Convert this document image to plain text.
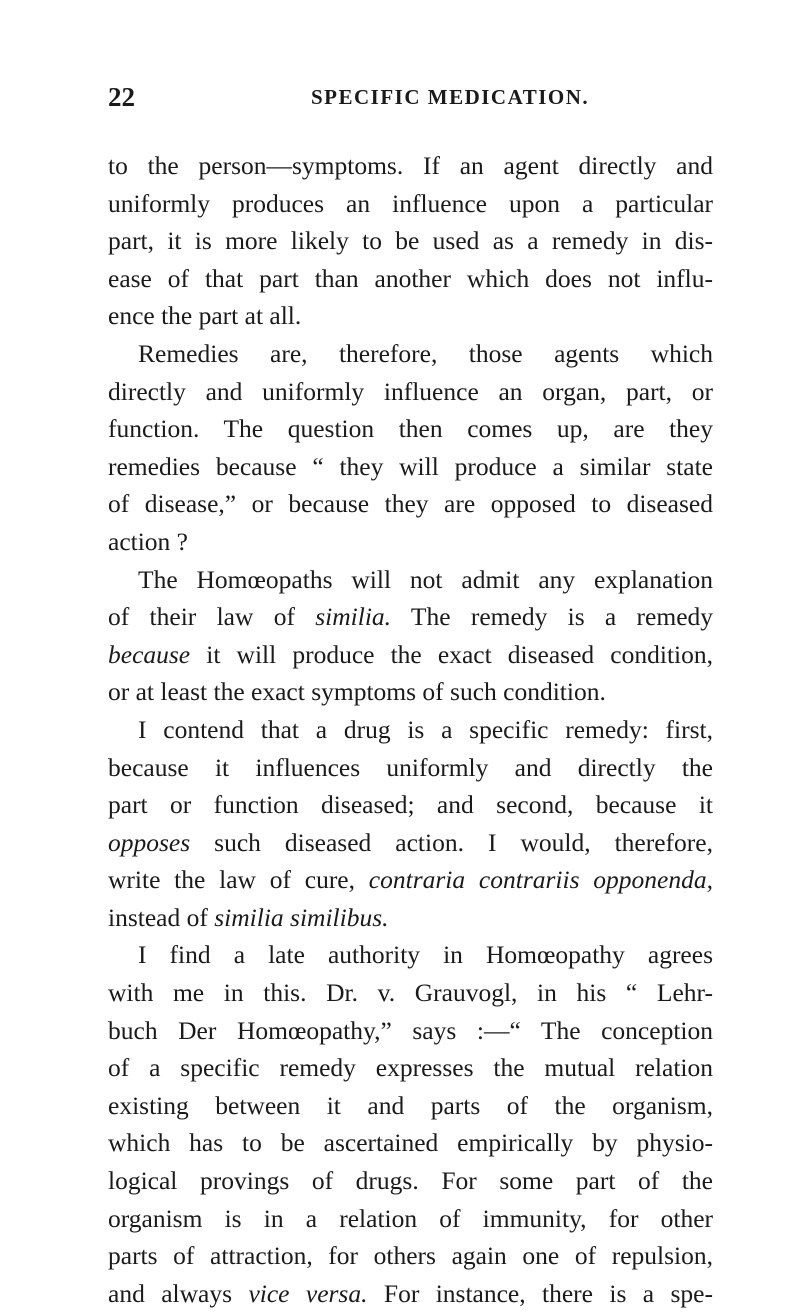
22	SPECIFIC MEDICATION.
to the person—symptoms. If an agent directly and
uniformly produces an influence upon a particular
part, it is more likely to be used as a remedy in dis-
ease of that part than another which does not influ-
ence the part at all.
Remedies are, therefore, those agents which
directly and uniformly influence an organ, part, or
function. The question then comes up, are they
remedies because “ they will produce a similar state
of disease,” or because they are opposed to diseased
action ?
The Homœopaths will not admit any explanation
of their law of similia. The remedy is a remedy
because it will produce the exact diseased condition,
or at least the exact symptoms of such condition.
I contend that a drug is a specific remedy: first,
because it influences uniformly and directly the
part or function diseased; and second, because it
opposes such diseased action. I would, therefore,
write the law of cure, contraria contrariis opponenda,
instead of similia similibus.
I find a late authority in Homœopathy agrees
with me in this. Dr. v. Grauvogl, in his “ Lehr-
buch Der Homœopathy,” says :—“ The conception
of a specific remedy expresses the mutual relation
existing between it and parts of the organism,
which has to be ascertained empirically by physio-
logical provings of drugs. For some part of the
organism is in a relation of immunity, for other
parts of attraction, for others again one of repulsion,
and always vice versa. For instance, there is a spe-
